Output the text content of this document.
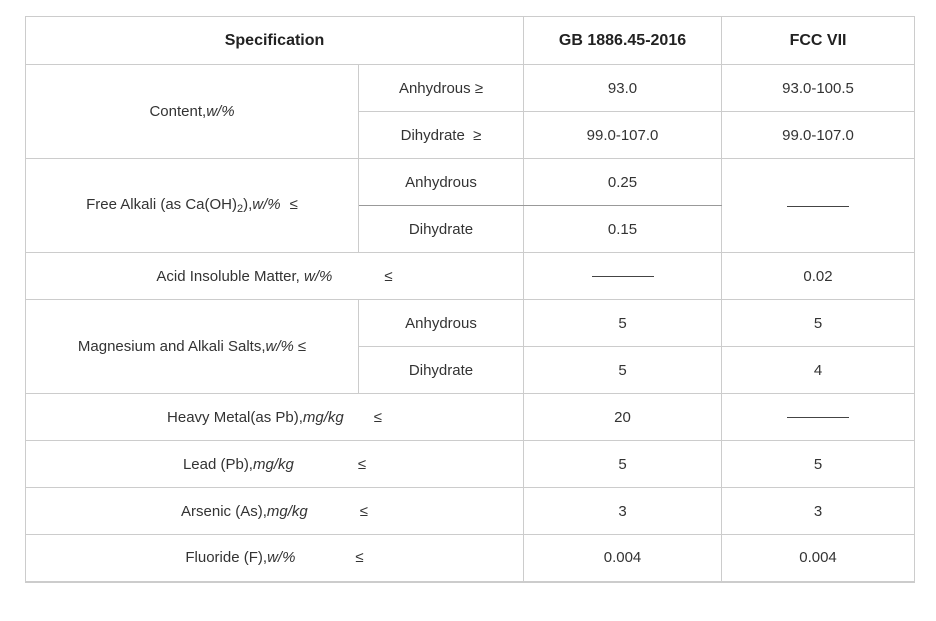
Specification		GB 1886.45-2016	FCC VII
Content,w/%	Anhydrous ≥	93.0	93.0-100.5
	Dihydrate  ≥	99.0-107.0	99.0-107.0
Free Alkali (as $Ca(OH)_2),w/\%$ ≤	Anhydrous	0.25	
	Dihydrate	0.15	
Acid Insoluble Matter, w/% ≤			0.02
Magnesium and Alkali Salts,w/% ≤	Anhydrous	5	5
	Dihydrate	5	4
Heavy Metal(as Pb),mg/kg ≤		20	
Lead (Pb),mg/kg ≤		5	5
Arsenic (As),mg/kg ≤		3	3
Fluoride (F),w/% ≤		0.004	0.004
